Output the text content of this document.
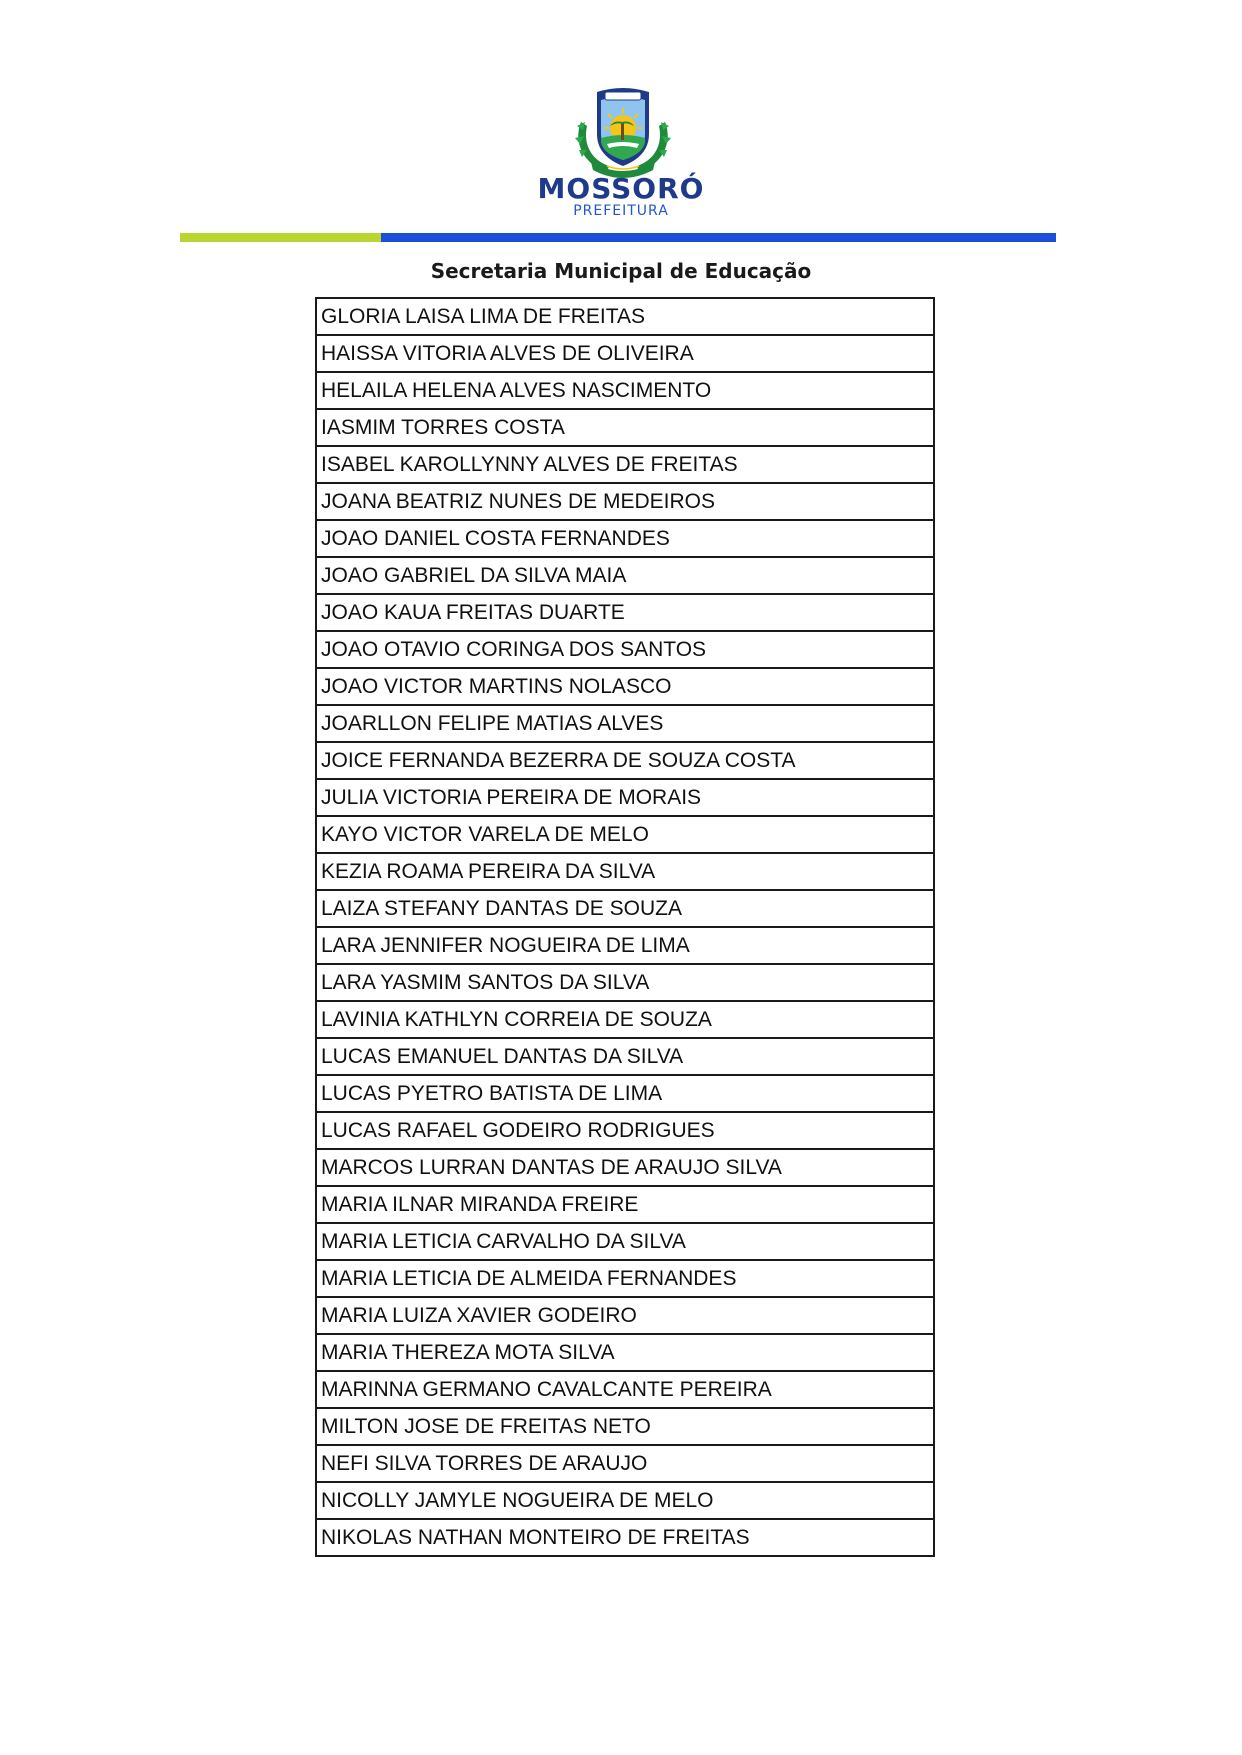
MOSSORÓ
PREFEITURA
Secretaria Municipal de Educação
GLORIA LAISA LIMA DE FREITAS
HAISSA VITORIA ALVES DE OLIVEIRA
HELAILA HELENA ALVES NASCIMENTO
IASMIM TORRES COSTA
ISABEL KAROLLYNNY ALVES DE FREITAS
JOANA BEATRIZ NUNES DE MEDEIROS
JOAO DANIEL COSTA FERNANDES
JOAO GABRIEL DA SILVA MAIA
JOAO KAUA FREITAS DUARTE
JOAO OTAVIO CORINGA DOS SANTOS
JOAO VICTOR MARTINS NOLASCO
JOARLLON FELIPE MATIAS ALVES
JOICE FERNANDA BEZERRA DE SOUZA COSTA
JULIA VICTORIA PEREIRA DE MORAIS
KAYO VICTOR VARELA DE MELO
KEZIA ROAMA PEREIRA DA SILVA
LAIZA STEFANY DANTAS DE SOUZA
LARA JENNIFER NOGUEIRA DE LIMA
LARA YASMIM SANTOS DA SILVA
LAVINIA KATHLYN CORREIA DE SOUZA
LUCAS EMANUEL DANTAS DA SILVA
LUCAS PYETRO BATISTA DE LIMA
LUCAS RAFAEL GODEIRO RODRIGUES
MARCOS LURRAN DANTAS DE ARAUJO SILVA
MARIA ILNAR MIRANDA FREIRE
MARIA LETICIA CARVALHO DA SILVA
MARIA LETICIA DE ALMEIDA FERNANDES
MARIA LUIZA XAVIER GODEIRO
MARIA THEREZA MOTA SILVA
MARINNA GERMANO CAVALCANTE PEREIRA
MILTON JOSE DE FREITAS NETO
NEFI SILVA TORRES DE ARAUJO
NICOLLY JAMYLE NOGUEIRA DE MELO
NIKOLAS NATHAN MONTEIRO DE FREITAS
